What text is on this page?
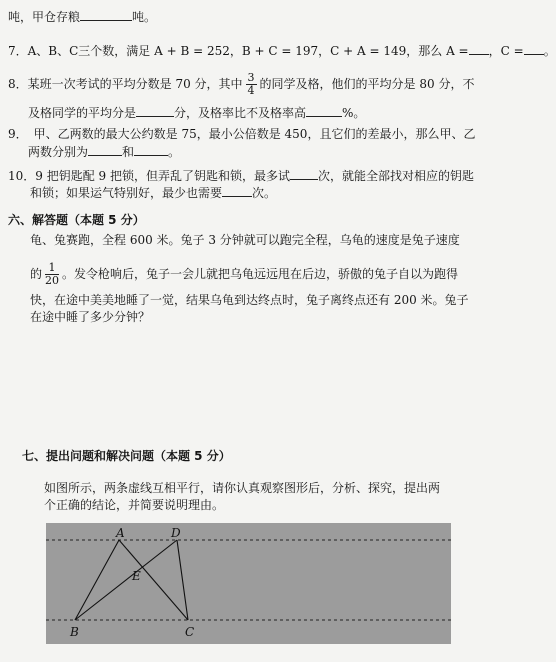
吨，甲仓存粮	吨。
7．A、B、C三个数，满足 A + B = 252，B + C = 197，C + A = 149，那么 A = ，C = 。
8．某班一次考试的平均分数是 70 分，其中 $\frac{3}{4}$ 的同学及格，他们的平均分是 80 分，不
及格同学的平均分是	分，及格率比不及格率高	%。
9．　甲、乙两数的最大公约数是 75，最小公倍数是 450，且它们的差最小，那么甲、乙
两数分别为	和	。
10．9 把钥匙配 9 把锁，但弄乱了钥匙和锁，最多试 次，就能全部找对相应的钥匙
和锁；如果运气特别好，最少也需要	次。
六、解答题（本题 5 分）
龟、兔赛跑，全程 600 米。兔子 3 分钟就可以跑完全程，乌龟的速度是兔子速度
的 $\frac{1}{20}$ 。发令枪响后，兔子一会儿就把乌龟远远甩在后边，骄傲的兔子自以为跑得
快，在途中美美地睡了一觉，结果乌龟到达终点时，兔子离终点还有 200 米。兔子
在途中睡了多少分钟？
七、提出问题和解决问题（本题 5 分）
如图所示，两条虚线互相平行，请你认真观察图形后，分析、探究，提出两
个正确的结论，并简要说明理由。
A	D
E
B	C
